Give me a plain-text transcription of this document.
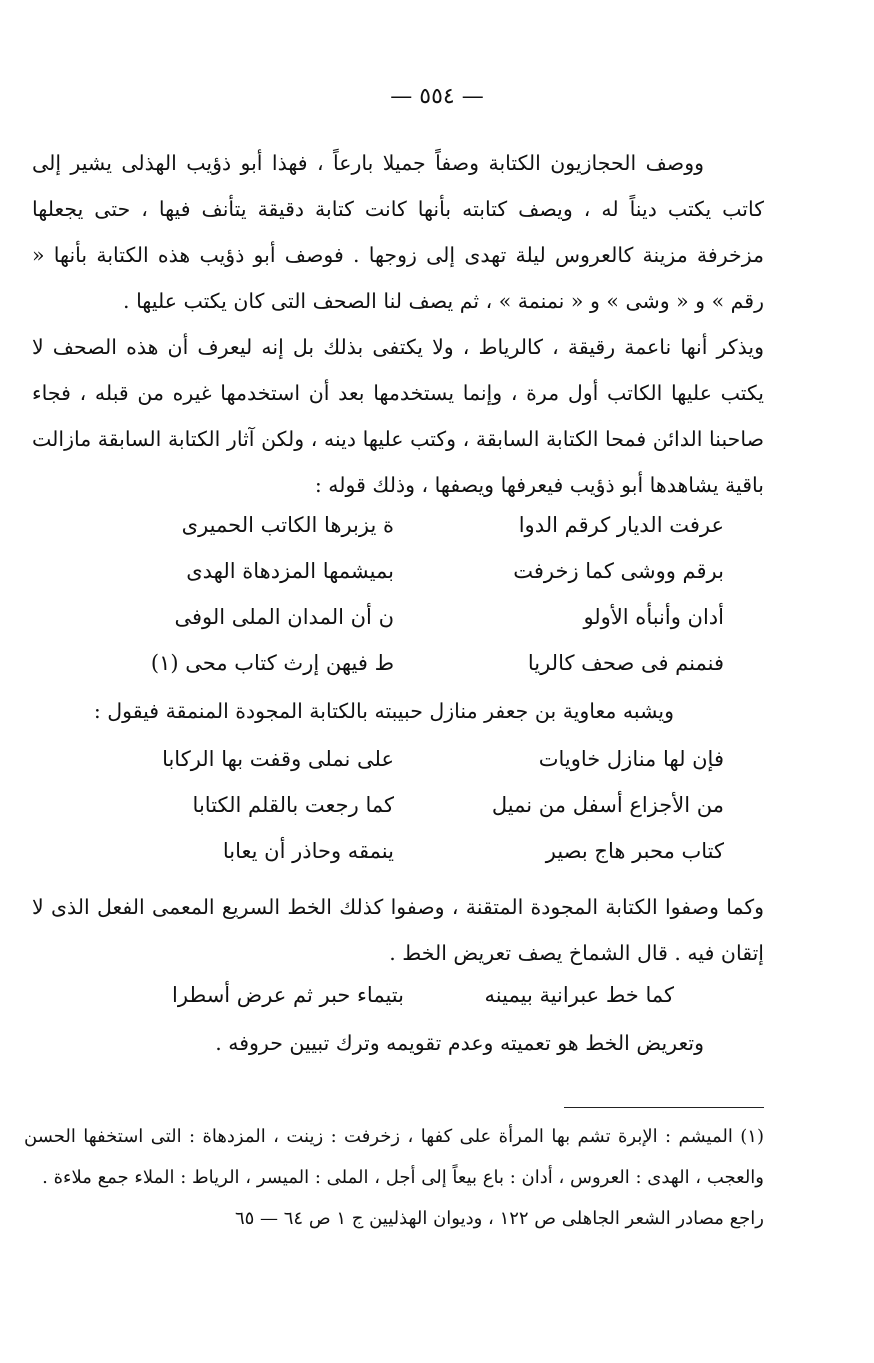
— ٥٥٤ —

ووصف الحجازيون الكتابة وصفاً جميلا بارعاً ، فهذا أبو ذؤيب الهذلى يشير إلى كاتب يكتب ديناً له ، ويصف كتابته بأنها كانت كتابة دقيقة يتأنف فيها ، حتى يجعلها مزخرفة مزينة كالعروس ليلة تهدى إلى زوجها . فوصف أبو ذؤيب هذه الكتابة بأنها « رقم » و « وشى » و « نمنمة » ، ثم يصف لنا الصحف التى كان يكتب عليها .

ويذكر أنها ناعمة رقيقة ، كالرياط ، ولا يكتفى بذلك بل إنه ليعرف أن هذه الصحف لا يكتب عليها الكاتب أول مرة ، وإنما يستخدمها بعد أن استخدمها غيره من قبله ، فجاء صاحبنا الدائن فمحا الكتابة السابقة ، وكتب عليها دينه ، ولكن آثار الكتابة السابقة مازالت باقية يشاهدها أبو ذؤيب فيعرفها ويصفها ، وذلك قوله :

عرفت الديار كرقم الدوا
ة يزبرها الكاتب الحميرى
برقم ووشى كما زخرفت
بميشمها المزدهاة الهدى
أدان وأنبأه الأولو
ن أن المدان الملى الوفى
فنمنم فى صحف كالريا
ط فيهن إرث كتاب محى (١)
ويشبه معاوية بن جعفر منازل حبيبته بالكتابة المجودة المنمقة فيقول :
فإن لها منازل خاويات
على نملى وقفت بها الركابا
من الأجزاع أسفل من نميل
كما رجعت بالقلم الكتابا
كتاب محبر هاج بصير
ينمقه وحاذر أن يعابا

وكما وصفوا الكتابة المجودة المتقنة ، وصفوا كذلك الخط السريع المعمى الفعل الذى لا إتقان فيه . قال الشماخ يصف تعريض الخط .

كما خط عبرانية بيمينه
بتيماء حبر ثم عرض أسطرا
وتعريض الخط هو تعميته وعدم تقويمه وترك تبيين حروفه .

(١) الميشم : الإبرة تشم بها المرأة على كفها ، زخرفت : زينت ، المزدهاة : التى استخفها الحسن والعجب ، الهدى : العروس ، أدان : باع بيعاً إلى أجل ، الملى : الميسر ، الرياط : الملاء جمع ملاءة .

راجع مصادر الشعر الجاهلى ص ١٢٢ ، وديوان الهذليين ج ١ ص ٦٤ — ٦٥
